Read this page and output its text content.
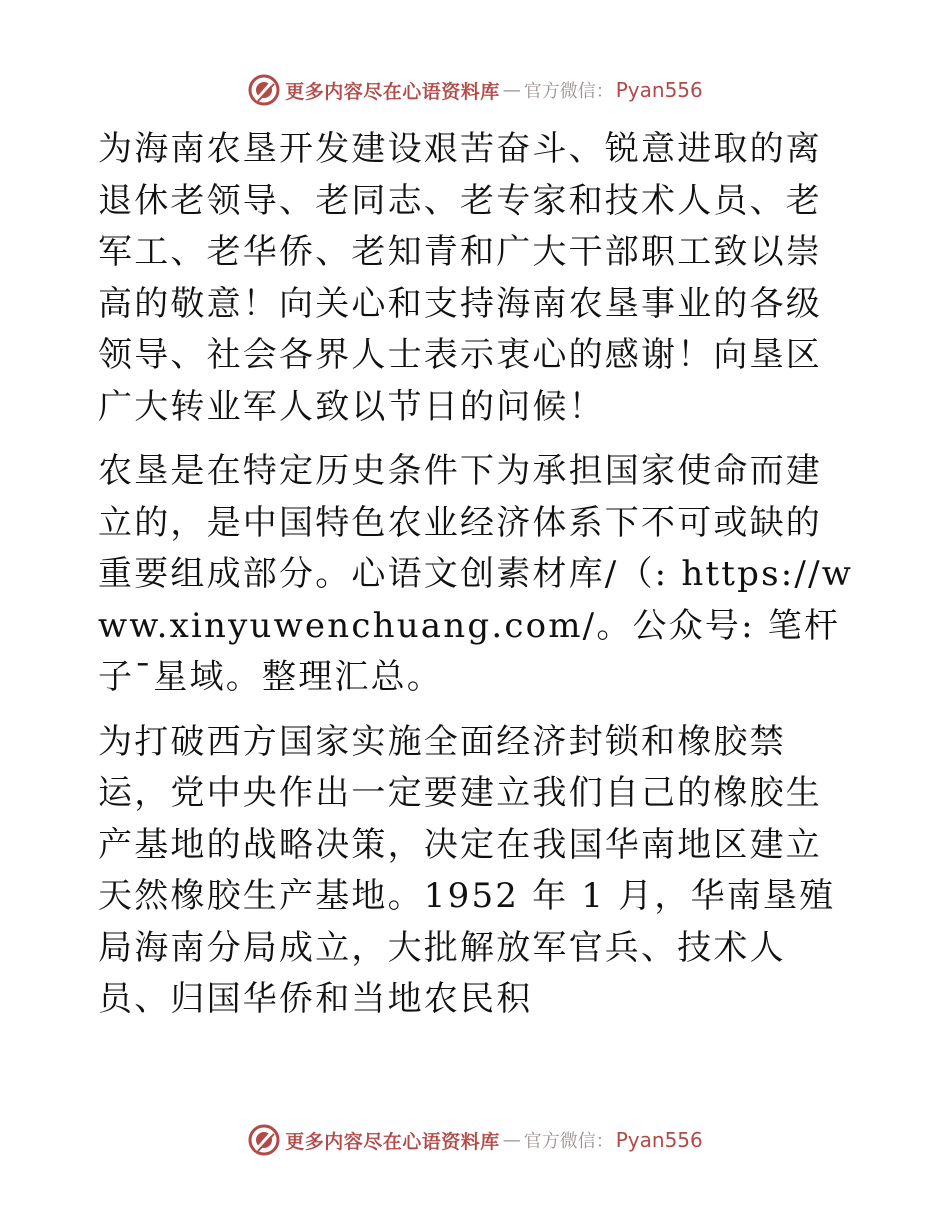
更多内容尽在心语资料库 — 官方微信： Pyan556

为海南农垦开发建设艰苦奋斗、锐意进取的离退休老领导、老同志、老专家和技术人员、老军工、老华侨、老知青和广大干部职工致以崇高的敬意！向关心和支持海南农垦事业的各级领导、社会各界人士表示衷心的感谢！向垦区广大转业军人致以节日的问候！

农垦是在特定历史条件下为承担国家使命而建立的，是中国特色农业经济体系下不可或缺的重要组成部分。心语文创素材库/（: https://www.xinyuwenchuang.com/。公众号: 笔杆子¯星域。整理汇总。

为打破西方国家实施全面经济封锁和橡胶禁运，党中央作出一定要建立我们自己的橡胶生产基地的战略决策，决定在我国华南地区建立天然橡胶生产基地。1952 年 1 月，华南垦殖局海南分局成立，大批解放军官兵、技术人员、归国华侨和当地农民积

更多内容尽在心语资料库 — 官方微信： Pyan556
